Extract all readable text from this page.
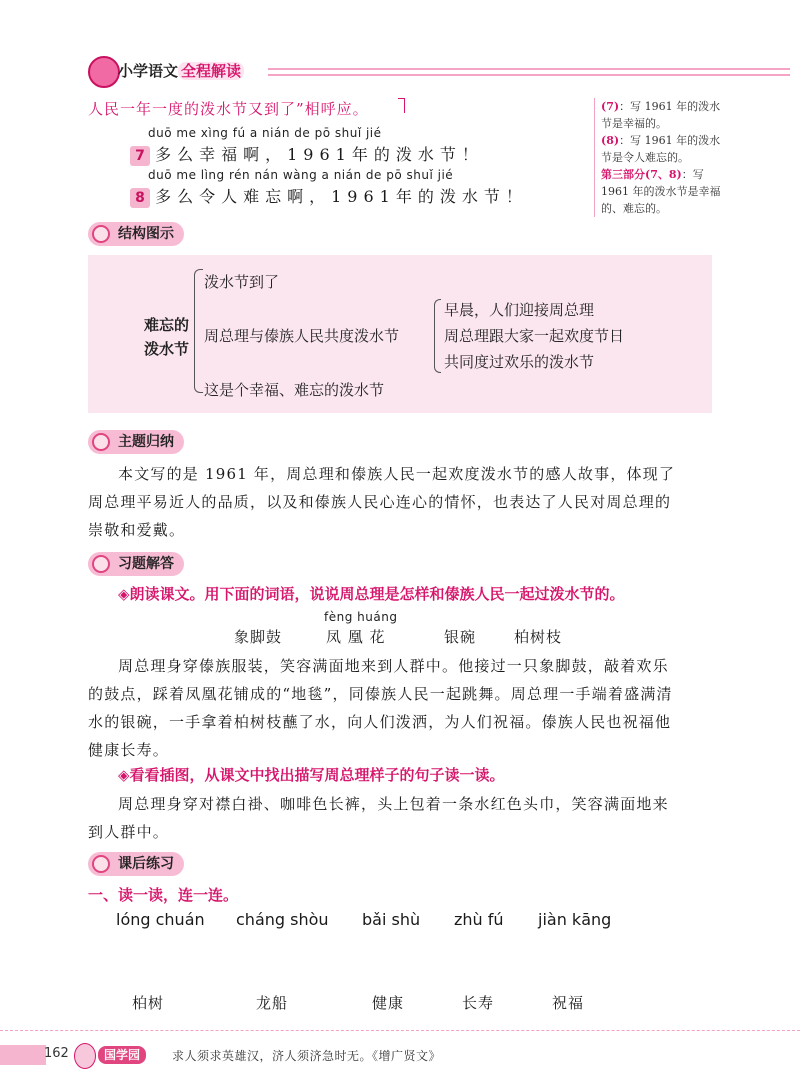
小学语文 全程解读
人民一年一度的泼水节又到了”相呼应。
duō me xìng fú a nián de pō shuǐ jié
7 多么幸福啊，1961年的泼水节！
duō me lìng rén nán wàng a nián de pō shuǐ jié
8 多么令人难忘啊，1961年的泼水节！
(7)：写 1961 年的泼水节是幸福的。
(8)：写 1961 年的泼水节是令人难忘的。
第三部分(7、8)：写 1961 年的泼水节是幸福的、难忘的。
结构图示
难忘的
泼水节
泼水节到了
周总理与傣族人民共度泼水节
这是个幸福、难忘的泼水节
早晨，人们迎接周总理
周总理跟大家一起欢度节日
共同度过欢乐的泼水节
主题归纳
本文写的是 1961 年，周总理和傣族人民一起欢度泼水节的感人故事，体现了
周总理平易近人的品质，以及和傣族人民心连心的情怀，也表达了人民对周总理的
崇敬和爱戴。
习题解答
◈朗读课文。用下面的词语，说说周总理是怎样和傣族人民一起过泼水节的。
fèng huáng
象脚鼓	凤 凰 花	银碗	柏树枝
周总理身穿傣族服装，笑容满面地来到人群中。他接过一只象脚鼓，敲着欢乐
的鼓点，踩着凤凰花铺成的“地毯”，同傣族人民一起跳舞。周总理一手端着盛满清
水的银碗，一手拿着柏树枝蘸了水，向人们泼洒，为人们祝福。傣族人民也祝福他
健康长寿。
◈看看插图，从课文中找出描写周总理样子的句子读一读。
周总理身穿对襟白褂、咖啡色长裤，头上包着一条水红色头巾，笑容满面地来
到人群中。
课后练习
一、读一读，连一连。
lóng chuán cháng shòu bǎi shù zhù fú jiàn kāng
柏树	龙船	健康	长寿	祝福
162	国学园	求人须求英雄汉，济人须济急时无。《增广贤文》
